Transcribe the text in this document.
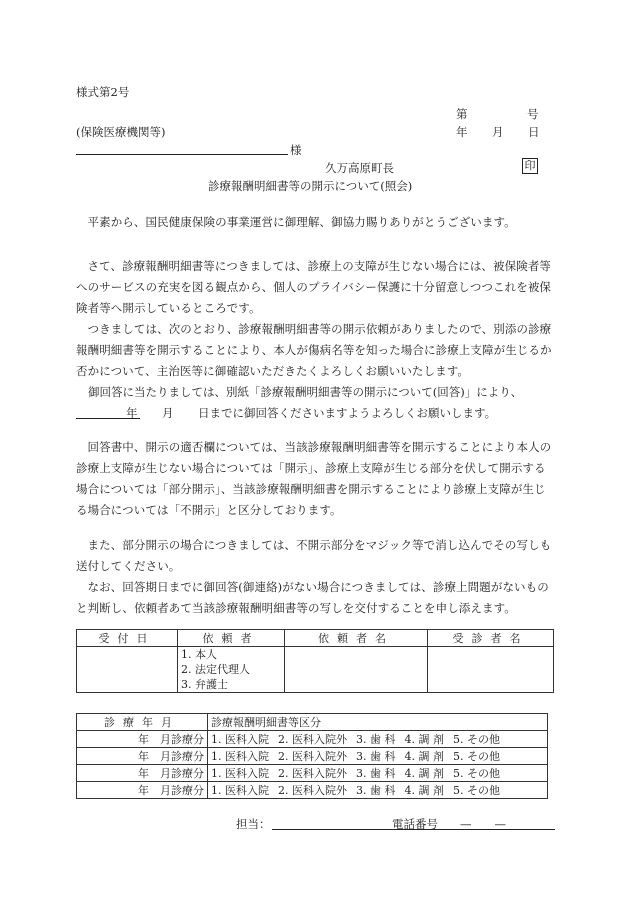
様式第2号
第	号
(保険医療機関等)	年 月 日
様
久万高原町長	印
診療報酬明細書等の開示について(照会)

平素から、国民健康保険の事業運営に御理解、御協力賜りありがとうございます。

さて、診療報酬明細書等につきましては、診療上の支障が生じない場合には、被保険者等へのサービスの充実を図る観点から、個人のプライバシー保護に十分留意しつつこれを被保険者等へ開示しているところです。

つきましては、次のとおり、診療報酬明細書等の開示依頼がありましたので、別添の診療報酬明細書等を開示することにより、本人が傷病名等を知った場合に診療上支障が生じるか否かについて、主治医等に御確認いただきたくよろしくお願いいたします。

御回答に当たりましては、別紙「診療報酬明細書等の開示について(回答)」により、
年 月 日までに御回答くださいますようよろしくお願いします。

回答書中、開示の適否欄については、当該診療報酬明細書等を開示することにより本人の診療上支障が生じない場合については「開示」、診療上支障が生じる部分を伏して開示する場合については「部分開示」、当該診療報酬明細書を開示することにより診療上支障が生じる場合については「不開示」と区分しております。

また、部分開示の場合につきましては、不開示部分をマジック等で消し込んでその写しも送付してください。

なお、回答期日までに御回答(御連絡)がない場合につきましては、診療上問題がないものと判断し、依頼者あて当該診療報酬明細書等の写しを交付することを申し添えます。

受付日	依頼者	依頼者名	受診者名

	1. 本人
2. 法定代理人
3. 弁護士		

診療年月	診療報酬明細書等区分
年　月診療分	1. 医科入院 2. 医科入院外 3. 歯 科 4. 調 剤 5. その他
年　月診療分	1. 医科入院 2. 医科入院外 3. 歯 科 4. 調 剤 5. その他
年　月診療分	1. 医科入院 2. 医科入院外 3. 歯 科 4. 調 剤 5. その他
年　月診療分	1. 医科入院 2. 医科入院外 3. 歯 科 4. 調 剤 5. その他
担当：	電話番号 —　　—
